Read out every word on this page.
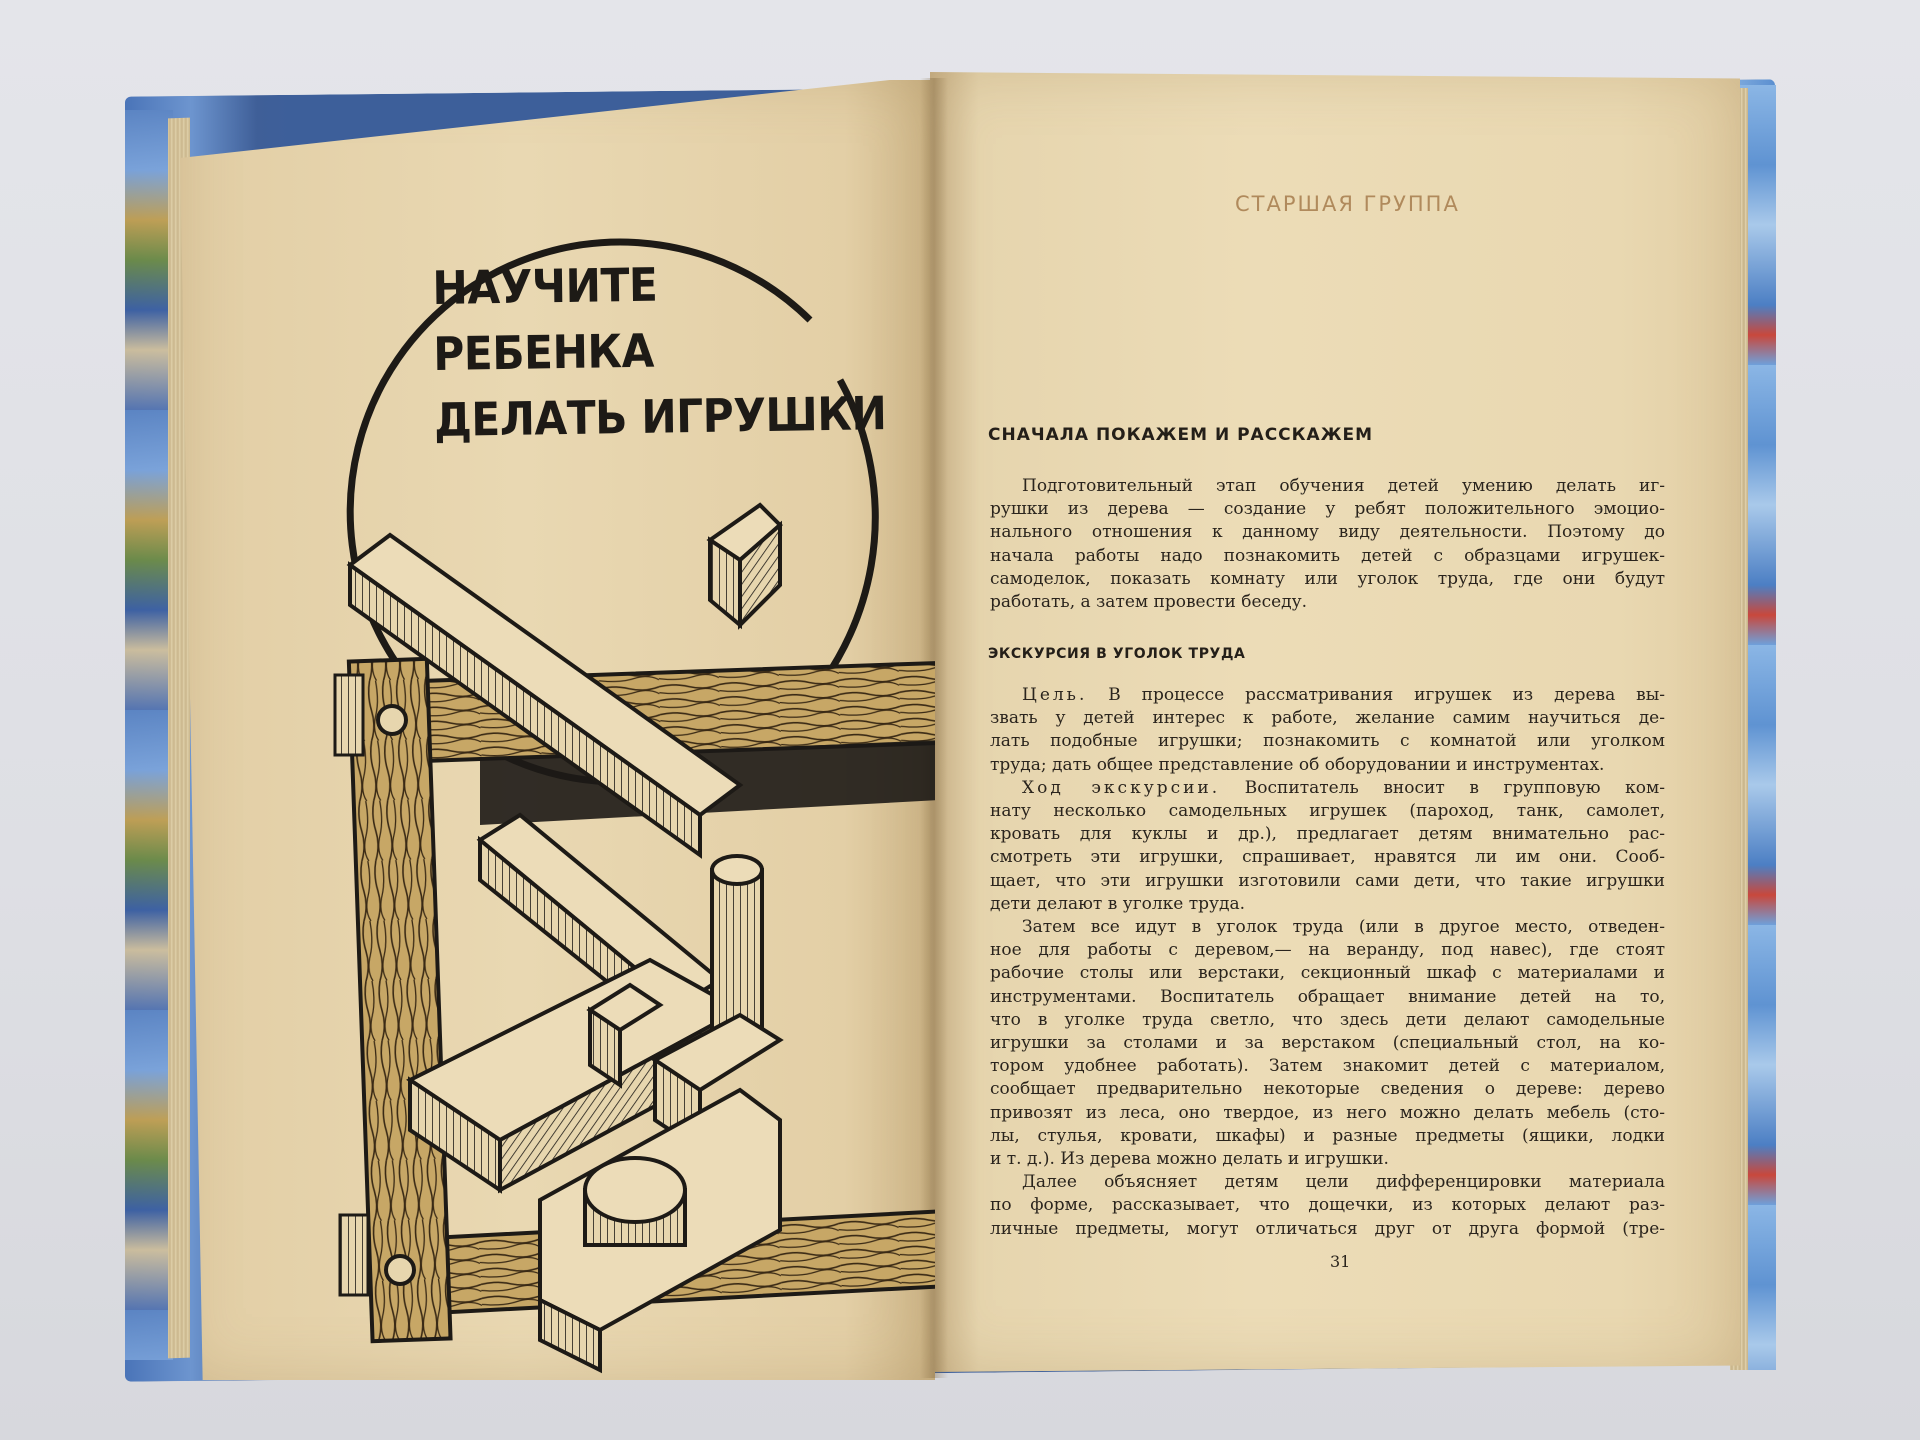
НАУЧИТЕ
РЕБЕНКА
ДЕЛАТЬ ИГРУШКИ
СТАРШАЯ ГРУППА
СНАЧАЛА ПОКАЖЕМ И РАССКАЖЕМ
Подготовительный этап обучения детей умению делать иг-
рушки из дерева — создание у ребят положительного эмоцио-
нального отношения к данному виду деятельности. Поэтому до
начала работы надо познакомить детей с образцами игрушек-
самоделок, показать комнату или уголок труда, где они будут
работать, а затем провести беседу.
ЭКСКУРСИЯ В УГОЛОК ТРУДА
Цель. В процессе рассматривания игрушек из дерева вы-
звать у детей интерес к работе, желание самим научиться де-
лать подобные игрушки; познакомить с комнатой или уголком
труда; дать общее представление об оборудовании и инструментах.
Ход экскурсии. Воспитатель вносит в групповую ком-
нату несколько самодельных игрушек (пароход, танк, самолет,
кровать для куклы и др.), предлагает детям внимательно рас-
смотреть эти игрушки, спрашивает, нравятся ли им они. Сооб-
щает, что эти игрушки изготовили сами дети, что такие игрушки
дети делают в уголке труда.
Затем все идут в уголок труда (или в другое место, отведен-
ное для работы с деревом,— на веранду, под навес), где стоят
рабочие столы или верстаки, секционный шкаф с материалами и
инструментами. Воспитатель обращает внимание детей на то,
что в уголке труда светло, что здесь дети делают самодельные
игрушки за столами и за верстаком (специальный стол, на ко-
тором удобнее работать). Затем знакомит детей с материалом,
сообщает предварительно некоторые сведения о дереве: дерево
привозят из леса, оно твердое, из него можно делать мебель (сто-
лы, стулья, кровати, шкафы) и разные предметы (ящики, лодки
и т. д.). Из дерева можно делать и игрушки.
Далее объясняет детям цели дифференцировки материала
по форме, рассказывает, что дощечки, из которых делают раз-
личные предметы, могут отличаться друг от друга формой (тре-
31
